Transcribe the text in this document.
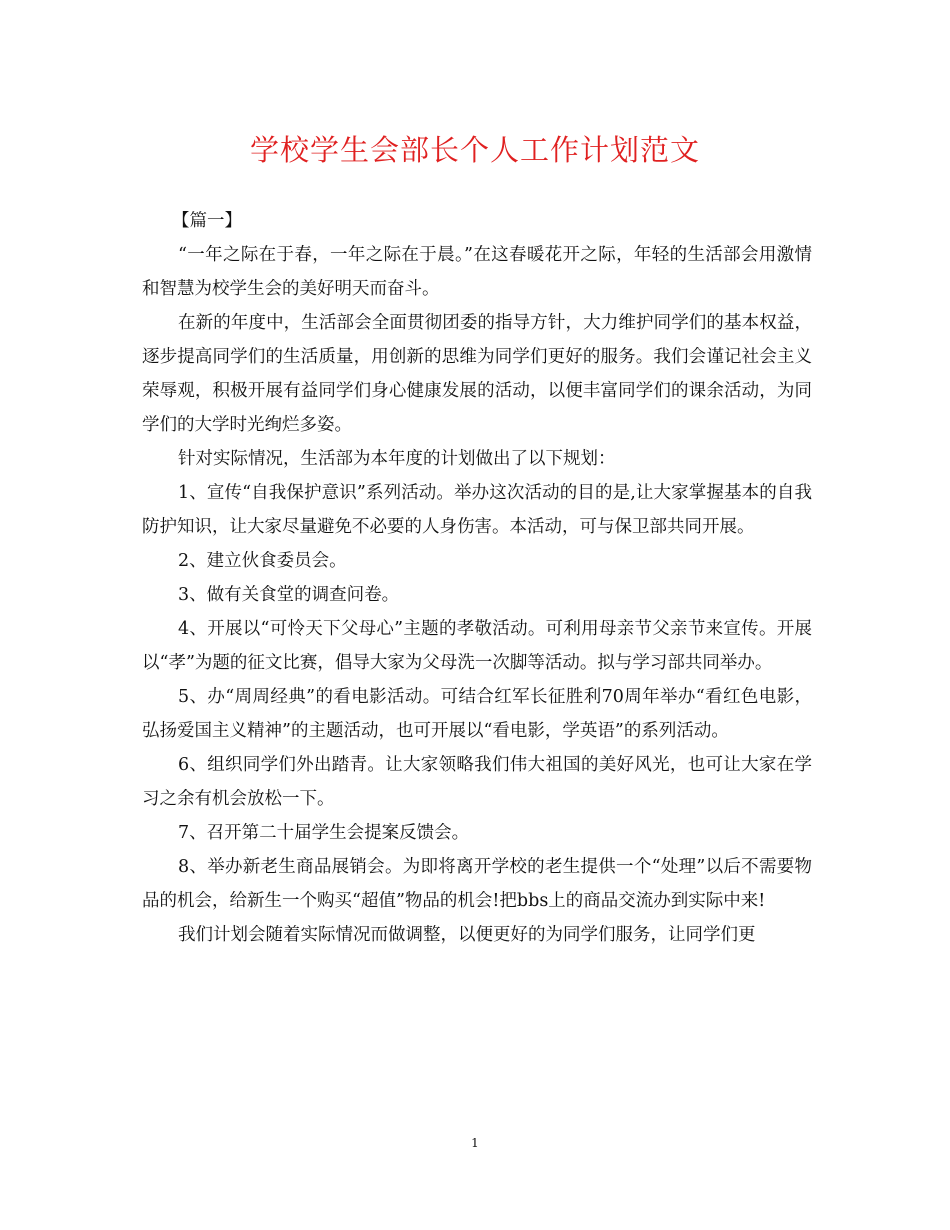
学校学生会部长个人工作计划范文

【篇一】

“一年之际在于春，一年之际在于晨。”在这春暖花开之际，年轻的生活部会用激情和智慧为校学生会的美好明天而奋斗。

在新的年度中，生活部会全面贯彻团委的指导方针，大力维护同学们的基本权益，逐步提高同学们的生活质量，用创新的思维为同学们更好的服务。我们会谨记社会主义荣辱观，积极开展有益同学们身心健康发展的活动，以便丰富同学们的课余活动，为同学们的大学时光绚烂多姿。

针对实际情况，生活部为本年度的计划做出了以下规划：

1、宣传“自我保护意识”系列活动。举办这次活动的目的是,让大家掌握基本的自我防护知识，让大家尽量避免不必要的人身伤害。本活动，可与保卫部共同开展。

2、建立伙食委员会。

3、做有关食堂的调查问卷。

4、开展以“可怜天下父母心”主题的孝敬活动。可利用母亲节父亲节来宣传。开展以“孝”为题的征文比赛，倡导大家为父母洗一次脚等活动。拟与学习部共同举办。

5、办“周周经典”的看电影活动。可结合红军长征胜利70周年举办“看红色电影，弘扬爱国主义精神”的主题活动，也可开展以“看电影，学英语”的系列活动。

6、组织同学们外出踏青。让大家领略我们伟大祖国的美好风光，也可让大家在学习之余有机会放松一下。

7、召开第二十届学生会提案反馈会。

8、举办新老生商品展销会。为即将离开学校的老生提供一个“处理”以后不需要物品的机会，给新生一个购买“超值”物品的机会!把bbs上的商品交流办到实际中来!

我们计划会随着实际情况而做调整，以便更好的为同学们服务，让同学们更

1
